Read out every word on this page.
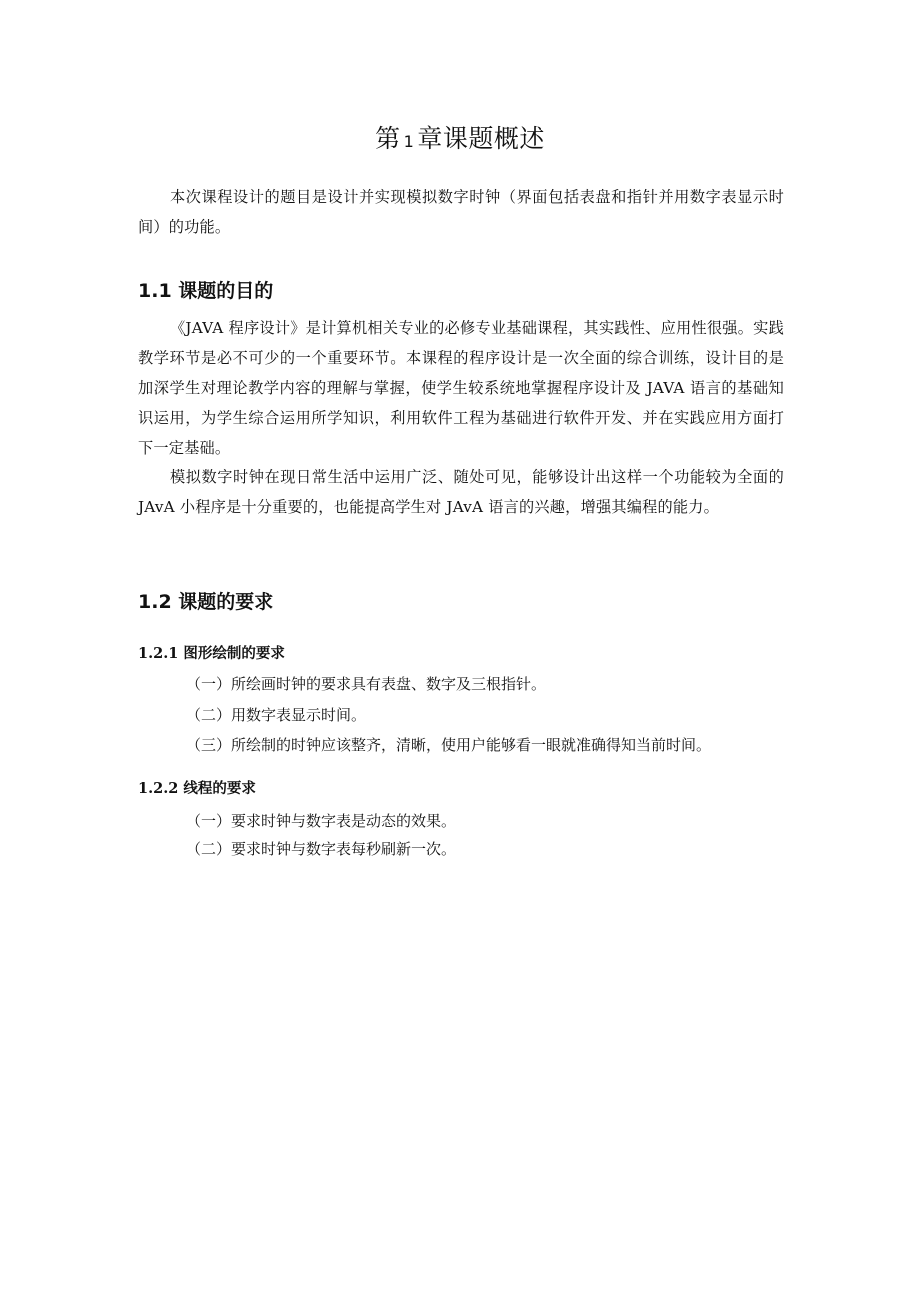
第 1 章课题概述

本次课程设计的题目是设计并实现模拟数字时钟（界面包括表盘和指针并用数字表显示时间）的功能。

1.1 课题的目的

《JAVA 程序设计》是计算机相关专业的必修专业基础课程，其实践性、应用性很强。实践教学环节是必不可少的一个重要环节。本课程的程序设计是一次全面的综合训练，设计目的是加深学生对理论教学内容的理解与掌握，使学生较系统地掌握程序设计及 JAVA 语言的基础知识运用，为学生综合运用所学知识，利用软件工程为基础进行软件开发、并在实践应用方面打下一定基础。

模拟数字时钟在现日常生活中运用广泛、随处可见，能够设计出这样一个功能较为全面的 JAvA 小程序是十分重要的，也能提高学生对 JAvA 语言的兴趣，增强其编程的能力。

1.2 课题的要求
1.2.1 图形绘制的要求

（一）所绘画时钟的要求具有表盘、数字及三根指针。

（二）用数字表显示时间。

（三）所绘制的时钟应该整齐，清晰，使用户能够看一眼就准确得知当前时间。

1.2.2 线程的要求

（一）要求时钟与数字表是动态的效果。

（二）要求时钟与数字表每秒刷新一次。
